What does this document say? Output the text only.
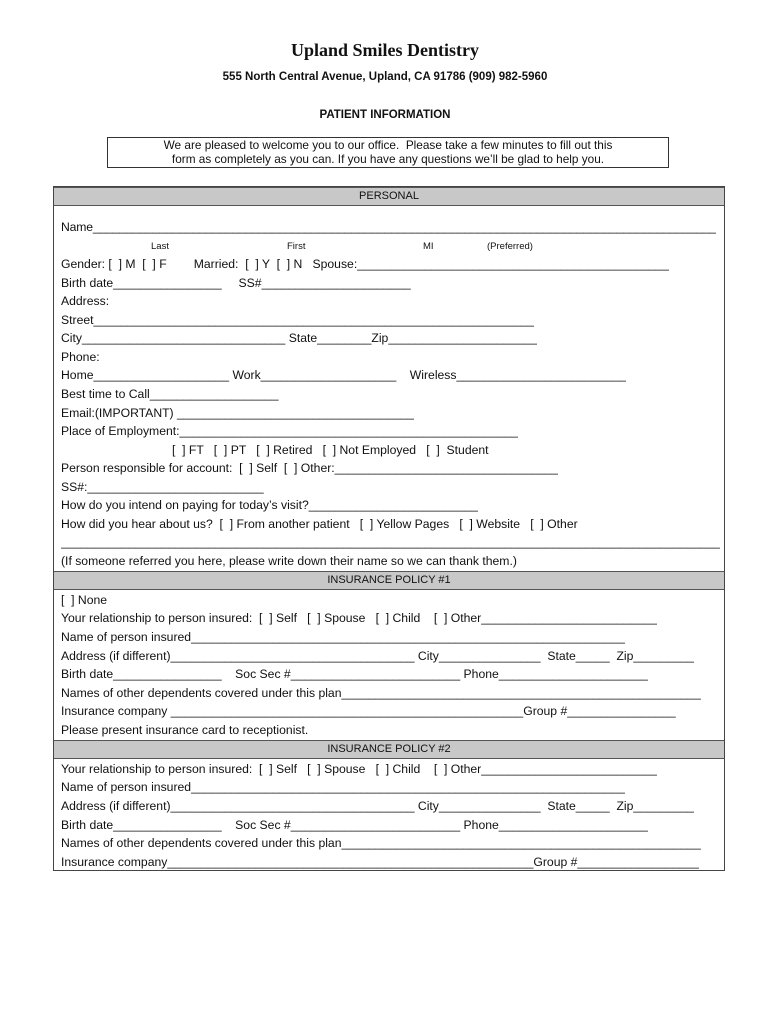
Upland Smiles Dentistry
555 North Central Avenue, Upland, CA 91786 (909) 982-5960
PATIENT INFORMATION
We are pleased to welcome you to our office.  Please take a few minutes to fill out this
form as completely as you can. If you have any questions we’ll be glad to help you.
PERSONAL
Name______________________________________________________________________________________________
Last	First	MI	(Preferred)
Gender: [  ] M  [  ] F        Married:  [  ] Y  [  ] N   Spouse:______________________________________________
Birth date________________     SS#______________________
Address:
Street_________________________________________________________________
City______________________________ State________Zip______________________
Phone:
Home____________________ Work____________________    Wireless_________________________
Best time to Call___________________
Email:(IMPORTANT) ___________________________________
Place of Employment:__________________________________________________
[  ] FT   [  ] PT   [  ] Retired   [  ] Not Employed   [  ]  Student
Person responsible for account:  [  ] Self  [  ] Other:_________________________________
SS#:__________________________
How do you intend on paying for today’s visit?_________________________
How did you hear about us?  [  ] From another patient   [  ] Yellow Pages   [  ] Website   [  ] Other
__________________________________________________________________________________________________
(If someone referred you here, please write down their name so we can thank them.)
INSURANCE POLICY #1
[  ] None
Your relationship to person insured:  [  ] Self   [  ] Spouse   [  ] Child    [  ] Other__________________________
Name of person insured________________________________________________________________
Address (if different)____________________________________ City_______________  State_____  Zip_________
Birth date________________    Soc Sec #_________________________ Phone______________________
Names of other dependents covered under this plan_____________________________________________________
Insurance company ____________________________________________________Group #________________
Please present insurance card to receptionist.
INSURANCE POLICY #2
Your relationship to person insured:  [  ] Self   [  ] Spouse   [  ] Child    [  ] Other__________________________
Name of person insured________________________________________________________________
Address (if different)____________________________________ City_______________  State_____  Zip_________
Birth date________________    Soc Sec #_________________________ Phone______________________
Names of other dependents covered under this plan_____________________________________________________
Insurance company______________________________________________________Group #__________________
